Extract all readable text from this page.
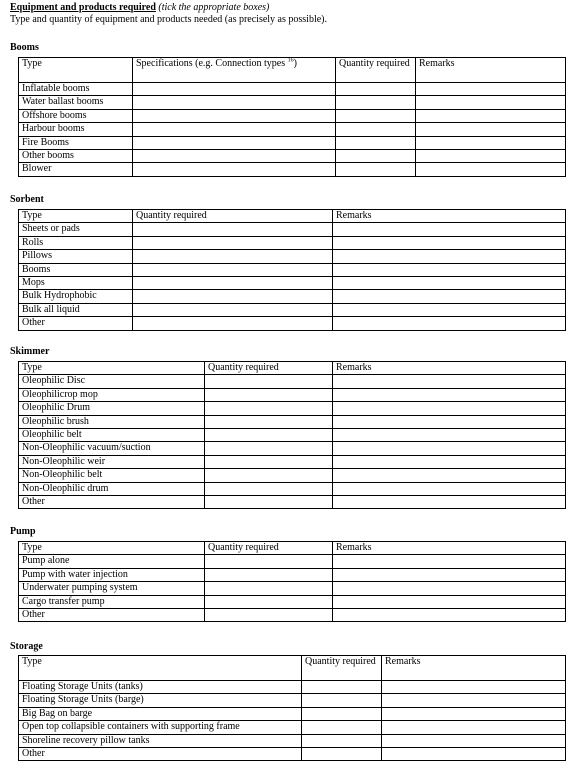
Equipment and products required (tick the appropriate boxes)
Type and quantity of equipment and products needed (as precisely as possible).
Booms
Type	Specifications (e.g. Connection types $^{16}$)	Quantity required	Remarks
Inflatable booms			
Water ballast booms			
Offshore booms			
Harbour booms			
Fire Booms			
Other booms			
Blower			
Sorbent
Type	Quantity required	Remarks
Sheets or pads		
Rolls		
Pillows		
Booms		
Mops		
Bulk Hydrophobic		
Bulk all liquid		
Other		
Skimmer
Type	Quantity required	Remarks
Oleophilic Disc		
Oleophilicrop mop		
Oleophilic Drum		
Oleophilic brush		
Oleophilic belt		
Non-Oleophilic vacuum/suction		
Non-Oleophilic weir		
Non-Oleophilic belt		
Non-Oleophilic drum		
Other		
Pump
Type	Quantity required	Remarks
Pump alone		
Pump with water injection		
Underwater pumping system		
Cargo transfer pump		
Other		
Storage
Type	Quantity required	Remarks
Floating Storage Units (tanks)		
Floating Storage Units (barge)		
Big Bag on barge		
Open top collapsible containers with supporting frame		
Shoreline recovery pillow tanks		
Other		
